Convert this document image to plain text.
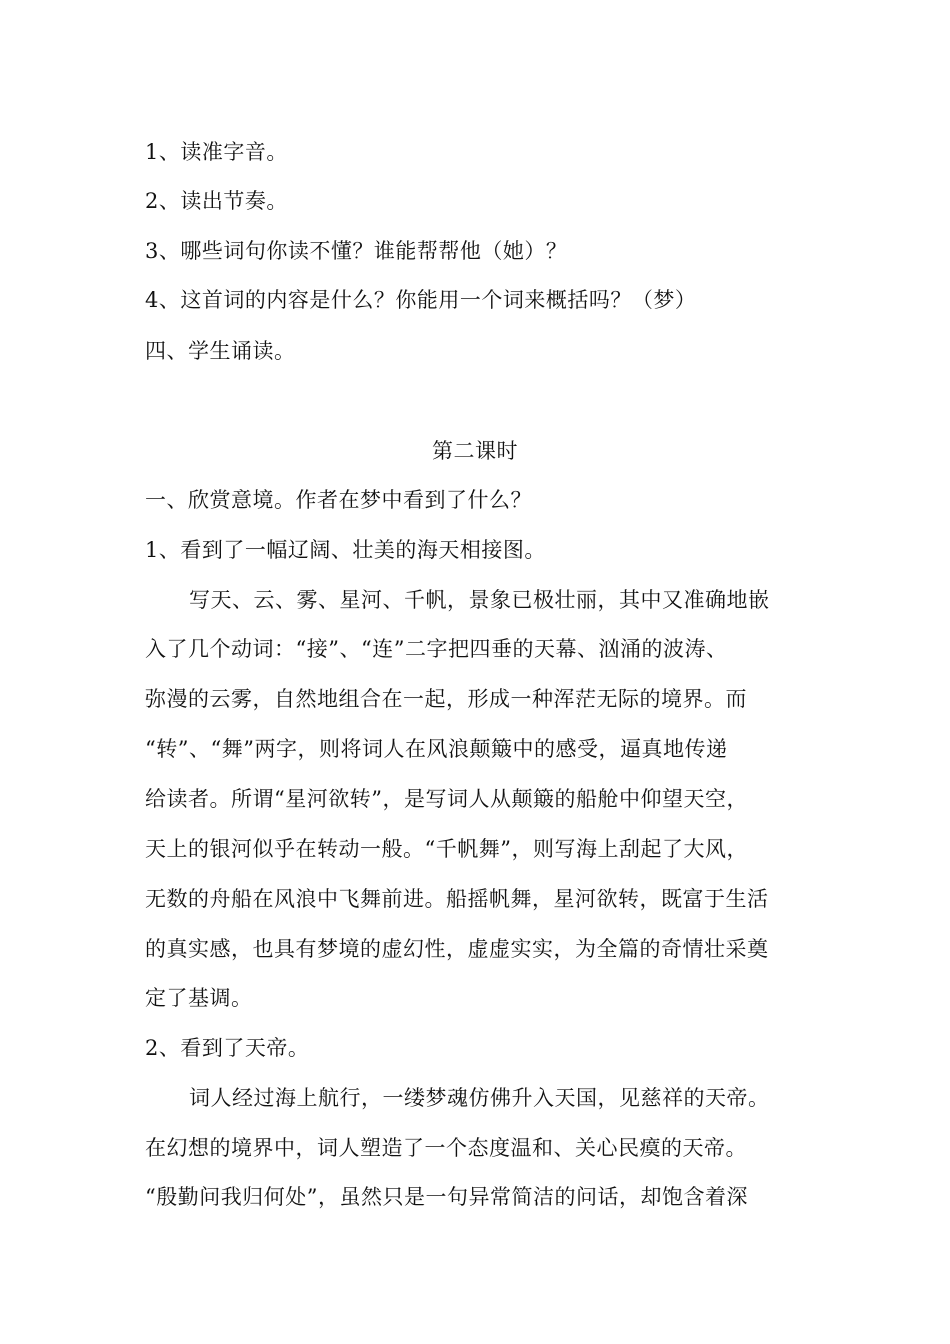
1、读准字音。
2、读出节奏。
3、哪些词句你读不懂？谁能帮帮他（她）？
4、这首词的内容是什么？你能用一个词来概括吗？（梦）
四、学生诵读。
第二课时
一、欣赏意境。作者在梦中看到了什么？
1、看到了一幅辽阔、壮美的海天相接图。
写天、云、雾、星河、千帆，景象已极壮丽，其中又准确地嵌
入了几个动词：“接”、“连”二字把四垂的天幕、汹涌的波涛、
弥漫的云雾，自然地组合在一起，形成一种浑茫无际的境界。而
“转”、“舞”两字，则将词人在风浪颠簸中的感受，逼真地传递
给读者。所谓“星河欲转”，是写词人从颠簸的船舱中仰望天空，
天上的银河似乎在转动一般。“千帆舞”，则写海上刮起了大风，
无数的舟船在风浪中飞舞前进。船摇帆舞，星河欲转，既富于生活
的真实感，也具有梦境的虚幻性，虚虚实实，为全篇的奇情壮采奠
定了基调。
2、看到了天帝。
词人经过海上航行，一缕梦魂仿佛升入天国，见慈祥的天帝。
在幻想的境界中，词人塑造了一个态度温和、关心民瘼的天帝。
“殷勤问我归何处”，虽然只是一句异常简洁的问话，却饱含着深
